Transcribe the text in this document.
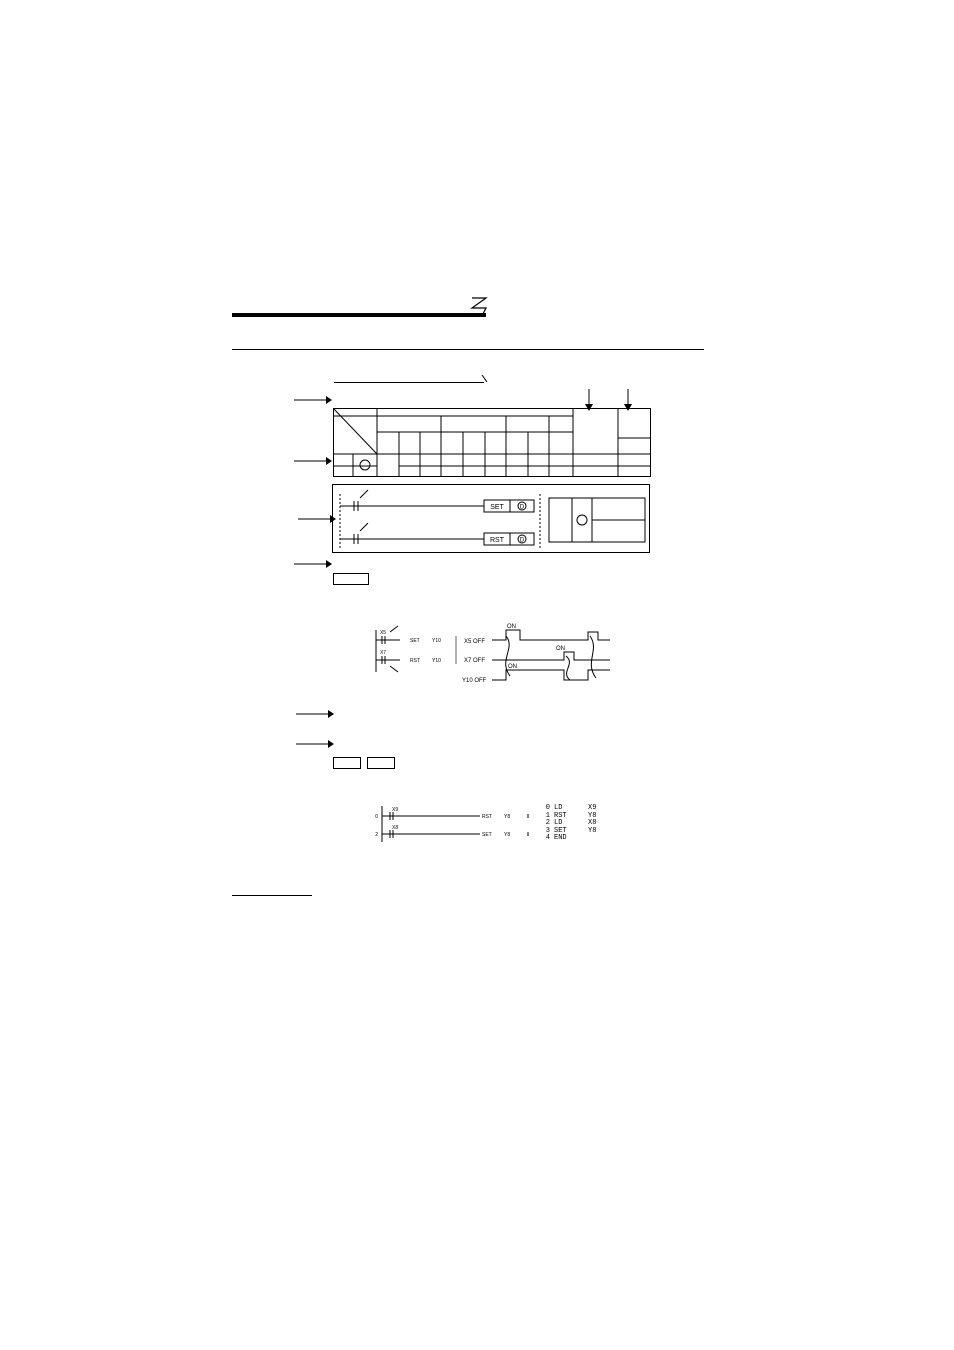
SET	D
RST	D
X5
SET Y10
X7
RST Y10
X5 OFF
X7 OFF
Y10 OFF
ON
ON
ON
0
X9
RST Y8
2
X8
SET Y8
0 LD	X9
1 RST	Y8
2 LD	X8
3 SET	Y8
4 END
